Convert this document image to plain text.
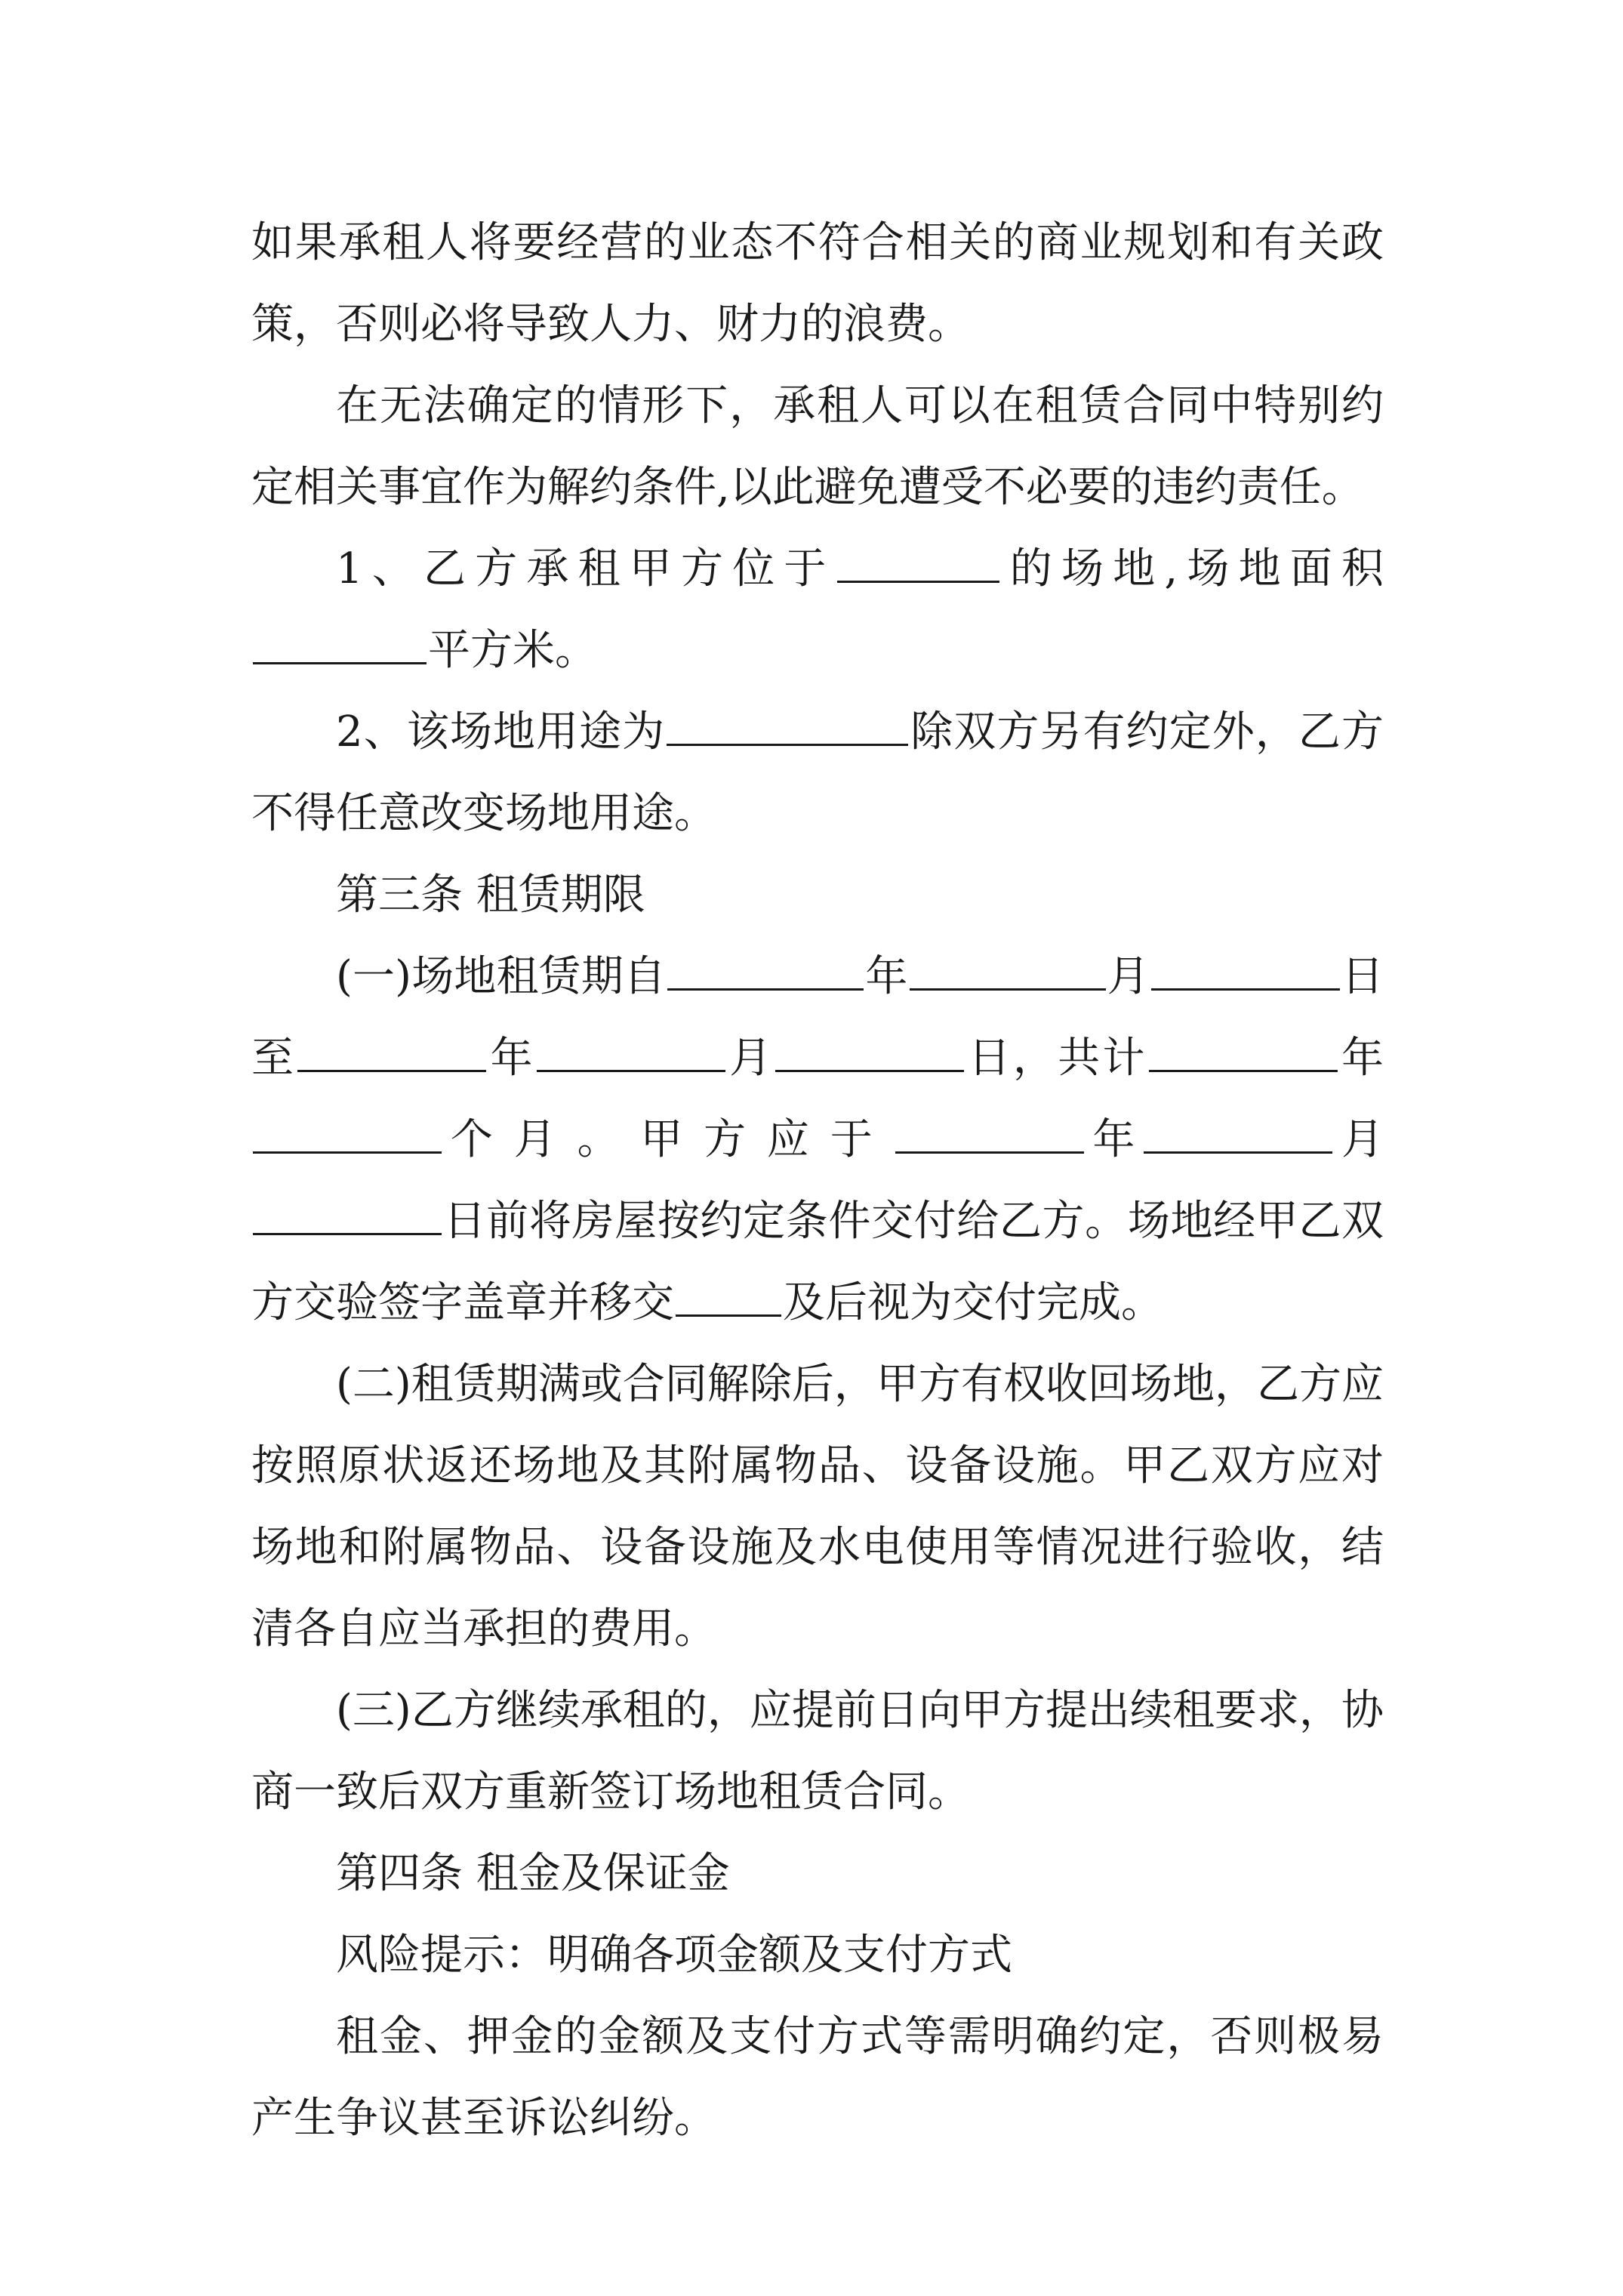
如果承租人将要经营的业态不符合相关的商业规划和有关政策，否则必将导致人力、财力的浪费。

在无法确定的情形下，承租人可以在租赁合同中特别约定相关事宜作为解约条件,以此避免遭受不必要的违约责任。

1、乙方承租甲方位于	的场地,场地面积平方米。

2、该场地用途为	除双方另有约定外，乙方不得任意改变场地用途。

第三条 租赁期限

(一)场地租赁期自	年	月	日至	年	月	日，共计	年个月。甲方应于	年	月日前将房屋按约定条件交付给乙方。场地经甲乙双方交验签字盖章并移交	及后视为交付完成。

(二)租赁期满或合同解除后，甲方有权收回场地，乙方应按照原状返还场地及其附属物品、设备设施。甲乙双方应对场地和附属物品、设备设施及水电使用等情况进行验收，结清各自应当承担的费用。

(三)乙方继续承租的，应提前日向甲方提出续租要求，协商一致后双方重新签订场地租赁合同。

第四条 租金及保证金

风险提示：明确各项金额及支付方式

租金、押金的金额及支付方式等需明确约定，否则极易产生争议甚至诉讼纠纷。
